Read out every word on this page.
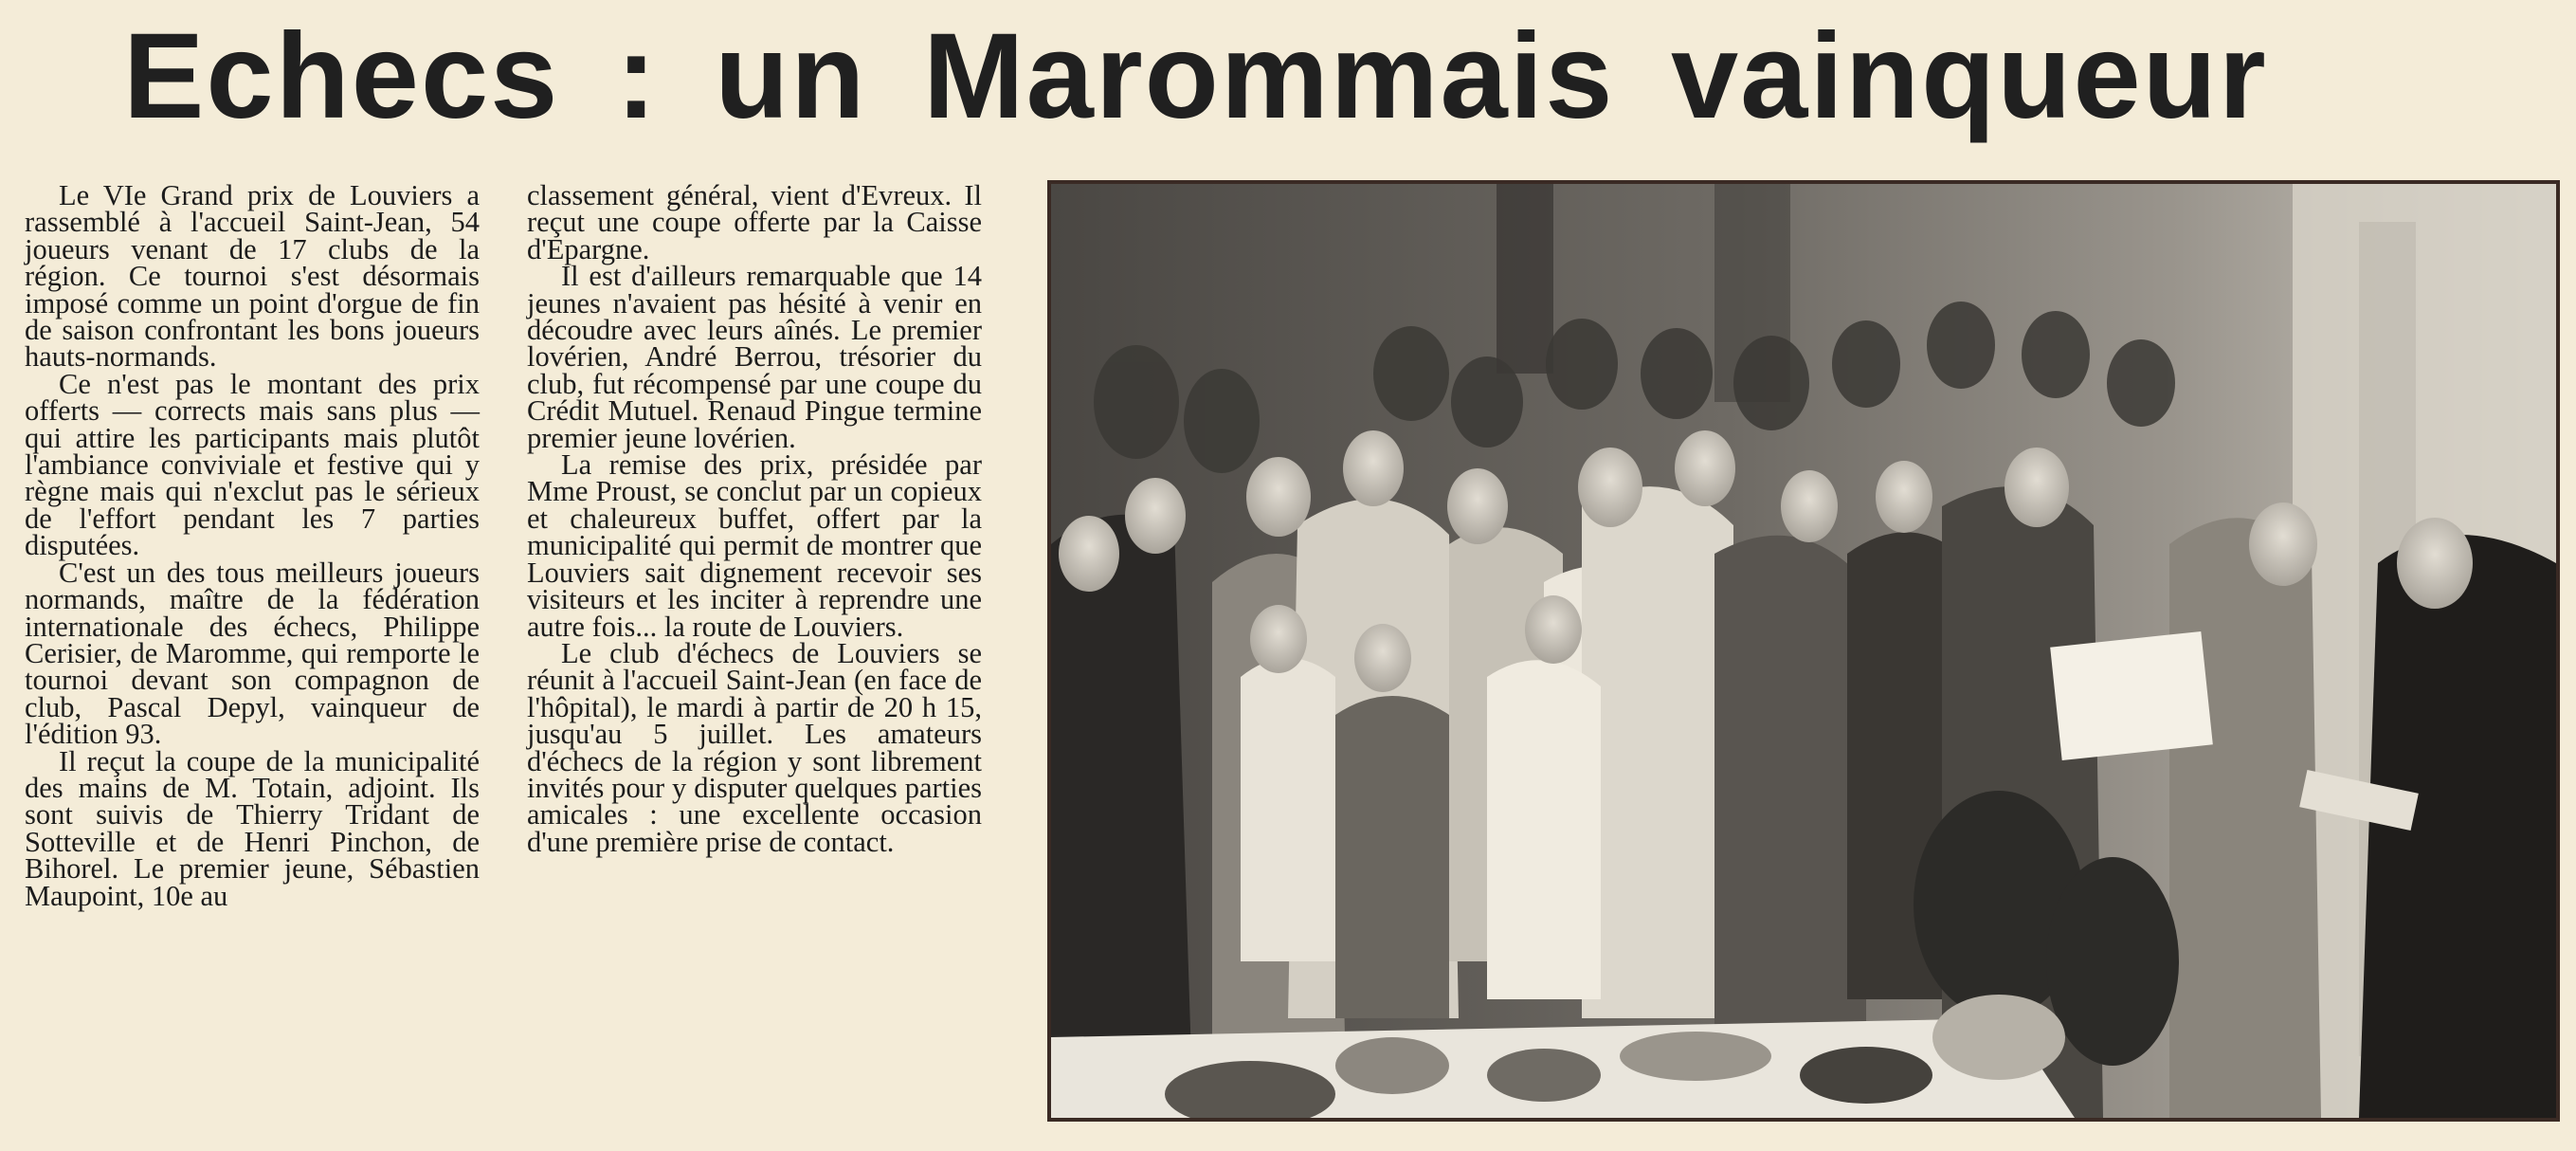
Echecs : un Marommais vainqueur

Le VIe Grand prix de Louviers a rassemblé à l'accueil Saint-Jean, 54 joueurs venant de 17 clubs de la région. Ce tournoi s'est désormais imposé comme un point d'orgue de fin de saison confrontant les bons joueurs hauts-normands.

Ce n'est pas le montant des prix offerts — corrects mais sans plus — qui attire les participants mais plutôt l'ambiance conviviale et festive qui y règne mais qui n'exclut pas le sérieux de l'effort pendant les 7 parties disputées.

C'est un des tous meilleurs joueurs normands, maître de la fédération internationale des échecs, Philippe Cerisier, de Maromme, qui remporte le tournoi devant son compagnon de club, Pascal Depyl, vainqueur de l'édition 93.

Il reçut la coupe de la municipalité des mains de M. Totain, adjoint. Ils sont suivis de Thierry Tridant de Sotteville et de Henri Pinchon, de Bihorel. Le premier jeune, Sébastien Maupoint, 10e au

classement général, vient d'Evreux. Il reçut une coupe offerte par la Caisse d'Epargne.

Il est d'ailleurs remarquable que 14 jeunes n'avaient pas hésité à venir en découdre avec leurs aînés. Le premier lovérien, André Berrou, trésorier du club, fut récompensé par une coupe du Crédit Mutuel. Renaud Pingue termine premier jeune lovérien.

La remise des prix, présidée par Mme Proust, se conclut par un copieux et chaleureux buffet, offert par la municipalité qui permit de montrer que Louviers sait dignement recevoir ses visiteurs et les inciter à reprendre une autre fois... la route de Louviers.

Le club d'échecs de Louviers se réunit à l'accueil Saint-Jean (en face de l'hôpital), le mardi à partir de 20 h 15, jusqu'au 5 juillet. Les amateurs d'échecs de la région y sont librement invités pour y disputer quelques parties amicales : une excellente occasion d'une première prise de contact.
